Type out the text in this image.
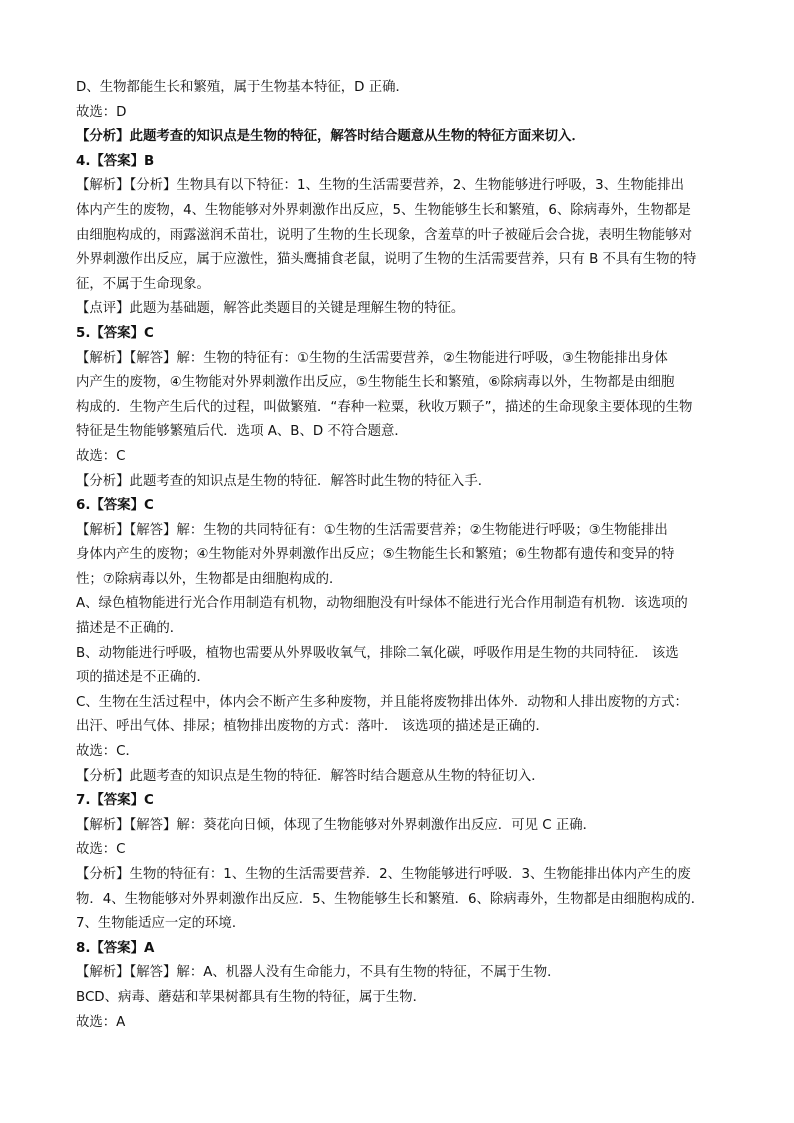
D、生物都能生长和繁殖，属于生物基本特征，D 正确．
故选：D
【分析】此题考查的知识点是生物的特征，解答时结合题意从生物的特征方面来切入．
4.【答案】B
【解析】【分析】生物具有以下特征：1、生物的生活需要营养，2、生物能够进行呼吸，3、生物能排出
体内产生的废物，4、生物能够对外界刺激作出反应，5、生物能够生长和繁殖，6、除病毒外，生物都是
由细胞构成的，雨露滋润禾苗壮，说明了生物的生长现象，含羞草的叶子被碰后会合拢，表明生物能够对
外界刺激作出反应，属于应激性，猫头鹰捕食老鼠，说明了生物的生活需要营养，只有 B 不具有生物的特
征，不属于生命现象。
【点评】此题为基础题，解答此类题目的关键是理解生物的特征。
5.【答案】C
【解析】【解答】解：生物的特征有：①生物的生活需要营养，②生物能进行呼吸，③生物能排出身体
内产生的废物，④生物能对外界刺激作出反应，⑤生物能生长和繁殖，⑥除病毒以外，生物都是由细胞
构成的．生物产生后代的过程，叫做繁殖．“春种一粒粟，秋收万颗子”，描述的生命现象主要体现的生物
特征是生物能够繁殖后代．选项 A、B、D 不符合题意．
故选：C
【分析】此题考查的知识点是生物的特征．解答时此生物的特征入手．
6.【答案】C
【解析】【解答】解：生物的共同特征有：①生物的生活需要营养；②生物能进行呼吸；③生物能排出
身体内产生的废物；④生物能对外界刺激作出反应；⑤生物能生长和繁殖；⑥生物都有遗传和变异的特
性；⑦除病毒以外，生物都是由细胞构成的．
A、绿色植物能进行光合作用制造有机物，动物细胞没有叶绿体不能进行光合作用制造有机物．该选项的
描述是不正确的．
B、动物能进行呼吸，植物也需要从外界吸收氧气，排除二氧化碳，呼吸作用是生物的共同特征． 该选
项的描述是不正确的．
C、生物在生活过程中，体内会不断产生多种废物，并且能将废物排出体外．动物和人排出废物的方式：
出汗、呼出气体、排尿；植物排出废物的方式：落叶． 该选项的描述是正确的．
故选：C．
【分析】此题考查的知识点是生物的特征．解答时结合题意从生物的特征切入．
7.【答案】C
【解析】【解答】解：葵花向日倾，体现了生物能够对外界刺激作出反应．可见 C 正确．
故选：C
【分析】生物的特征有：1、生物的生活需要营养．2、生物能够进行呼吸．3、生物能排出体内产生的废
物．4、生物能够对外界刺激作出反应．5、生物能够生长和繁殖．6、除病毒外，生物都是由细胞构成的．
7、生物能适应一定的环境．
8.【答案】A
【解析】【解答】解：A、机器人没有生命能力，不具有生物的特征，不属于生物．
BCD、病毒、蘑菇和苹果树都具有生物的特征，属于生物．
故选：A
